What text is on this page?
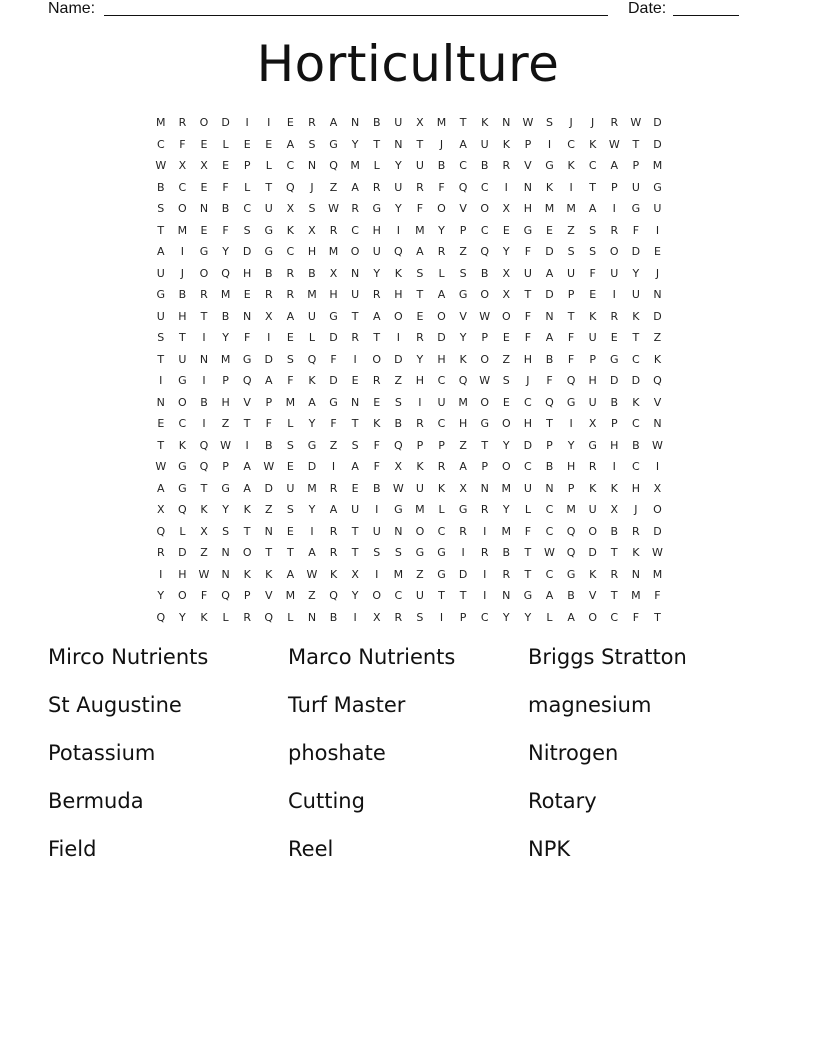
Name:	Date:
Horticulture
M	R	O	D	I	I	E	R	A	N	B	U	X	M	T	K	N	W	S	J	J	R	W	D
C	F	E	L	E	E	A	S	G	Y	T	N	T	J	A	U	K	P	I	C	K	W	T	D
W	X	X	E	P	L	C	N	Q	M	L	Y	U	B	C	B	R	V	G	K	C	A	P	M
B	C	E	F	L	T	Q	J	Z	A	R	U	R	F	Q	C	I	N	K	I	T	P	U	G
S	O	N	B	C	U	X	S	W	R	G	Y	F	O	V	O	X	H	M	M	A	I	G	U
T	M	E	F	S	G	K	X	R	C	H	I	M	Y	P	C	E	G	E	Z	S	R	F	I
A	I	G	Y	D	G	C	H	M	O	U	Q	A	R	Z	Q	Y	F	D	S	S	O	D	E
U	J	O	Q	H	B	R	B	X	N	Y	K	S	L	S	B	X	U	A	U	F	U	Y	J
G	B	R	M	E	R	R	M	H	U	R	H	T	A	G	O	X	T	D	P	E	I	U	N
U	H	T	B	N	X	A	U	G	T	A	O	E	O	V	W	O	F	N	T	K	R	K	D
S	T	I	Y	F	I	E	L	D	R	T	I	R	D	Y	P	E	F	A	F	U	E	T	Z
T	U	N	M	G	D	S	Q	F	I	O	D	Y	H	K	O	Z	H	B	F	P	G	C	K
I	G	I	P	Q	A	F	K	D	E	R	Z	H	C	Q	W	S	J	F	Q	H	D	D	Q
N	O	B	H	V	P	M	A	G	N	E	S	I	U	M	O	E	C	Q	G	U	B	K	V
E	C	I	Z	T	F	L	Y	F	T	K	B	R	C	H	G	O	H	T	I	X	P	C	N
T	K	Q	W	I	B	S	G	Z	S	F	Q	P	P	Z	T	Y	D	P	Y	G	H	B	W
W	G	Q	P	A	W	E	D	I	A	F	X	K	R	A	P	O	C	B	H	R	I	C	I
A	G	T	G	A	D	U	M	R	E	B	W	U	K	X	N	M	U	N	P	K	K	H	X
X	Q	K	Y	K	Z	S	Y	A	U	I	G	M	L	G	R	Y	L	C	M	U	X	J	O
Q	L	X	S	T	N	E	I	R	T	U	N	O	C	R	I	M	F	C	Q	O	B	R	D
R	D	Z	N	O	T	T	A	R	T	S	S	G	G	I	R	B	T	W	Q	D	T	K	W
I	H	W	N	K	K	A	W	K	X	I	M	Z	G	D	I	R	T	C	G	K	R	N	M
Y	O	F	Q	P	V	M	Z	Q	Y	O	C	U	T	T	I	N	G	A	B	V	T	M	F
Q	Y	K	L	R	Q	L	N	B	I	X	R	S	I	P	C	Y	Y	L	A	O	C	F	T
Mirco Nutrients	Marco Nutrients	Briggs Stratton
St Augustine	Turf Master	magnesium
Potassium	phoshate	Nitrogen
Bermuda	Cutting	Rotary
Field	Reel	NPK
